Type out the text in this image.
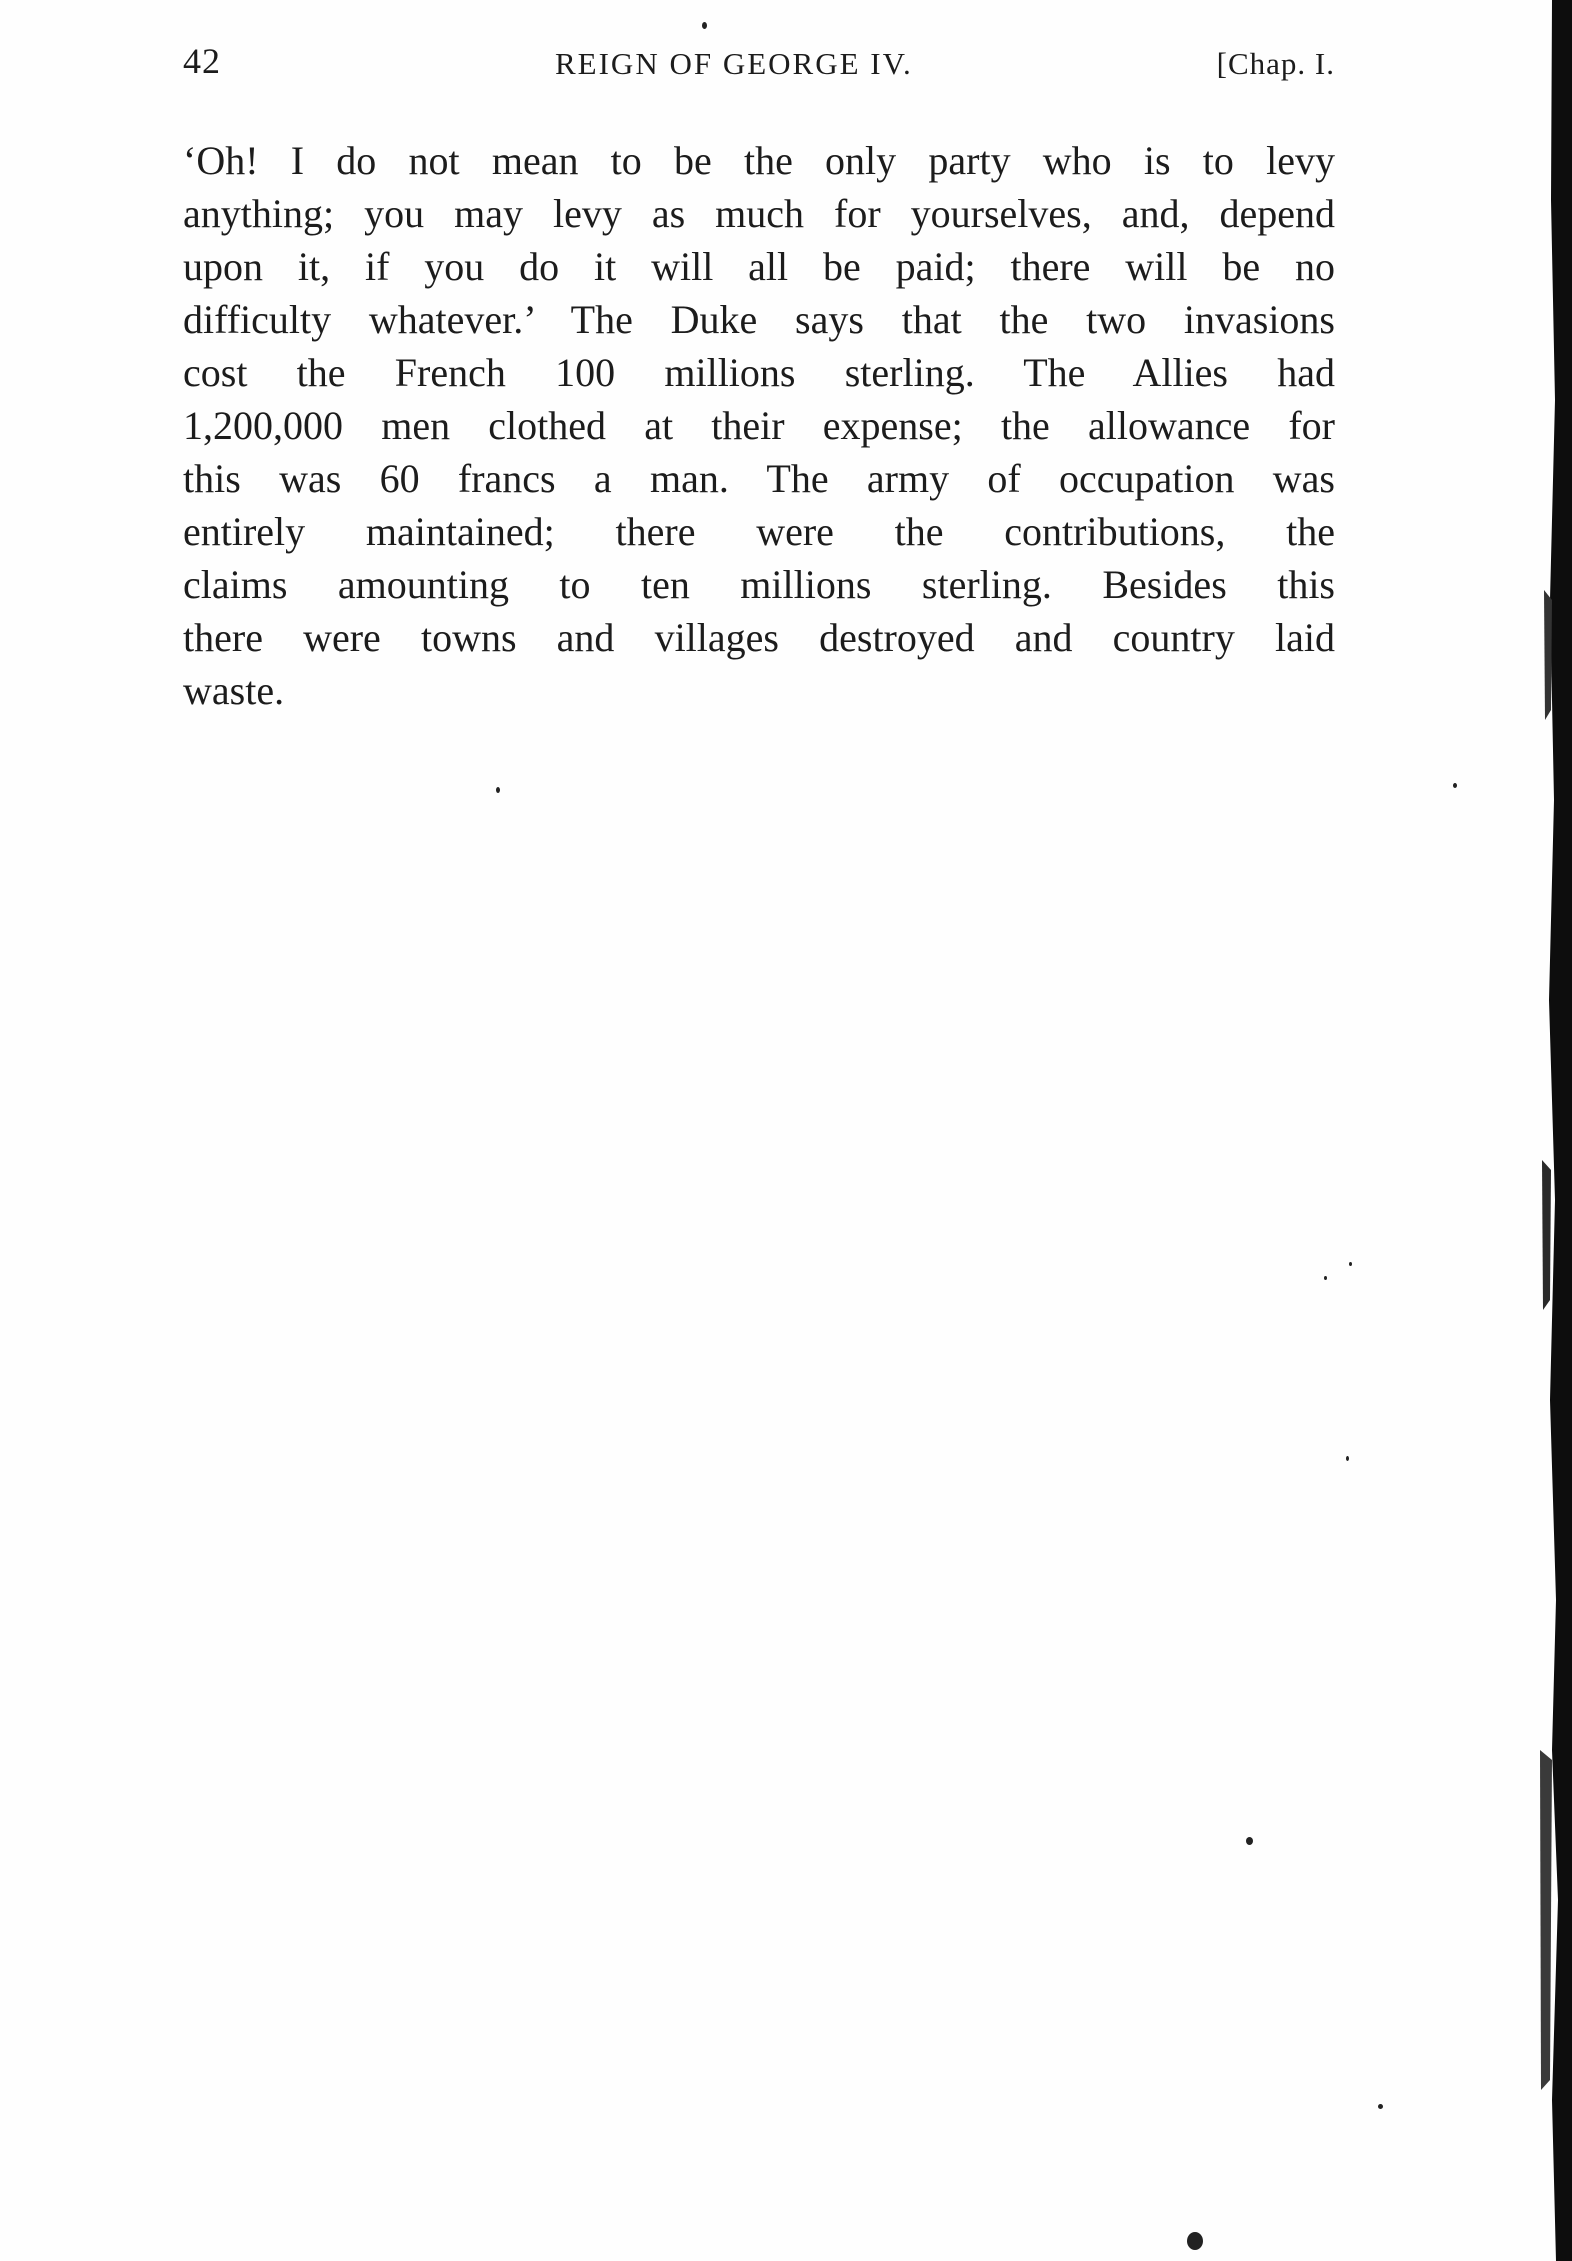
42	REIGN OF GEORGE IV.	[Chap. I.
‘Oh! I do not mean to be the only party who is to levy
anything; you may levy as much for yourselves, and, depend
upon it, if you do it will all be paid; there will be no
difficulty whatever.’ The Duke says that the two invasions
cost the French 100 millions sterling. The Allies had
1,200,000 men clothed at their expense; the allowance for
this was 60 francs a man. The army of occupation was
entirely maintained; there were the contributions, the
claims amounting to ten millions sterling. Besides this
there were towns and villages destroyed and country laid
waste.
